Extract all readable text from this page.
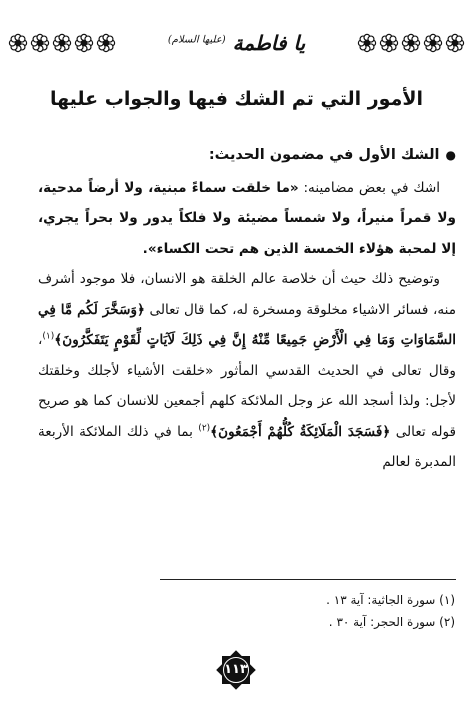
يا فاطمة $^{(عليها السلام)}$
الأمور التي تم الشك فيها والجواب عليها

●الشك الأول في مضمون الحديث:

اشك في بعض مضامينه: «ما خلقت سماءً مبنية، ولا أرضاً مدحية، ولا قمراً منيراً، ولا شمساً مضيئة ولا فلكاً يدور ولا بحراً يجري، إلا لمحبة هؤلاء الخمسة الذين هم تحت الكساء».

وتوضيح ذلك حيث أن خلاصة عالم الخلقة هو الانسان، فلا موجود أشرف منه، فسائر الاشياء مخلوقة ومسخرة له، كما قال تعالى ﴿وَسَخَّرَ لَكُم مَّا فِي السَّمَاوَاتِ وَمَا فِي الْأَرْضِ جَمِيعًا مِّنْهُ إِنَّ فِي ذَلِكَ لَآيَاتٍ لِّقَوْمٍ يَتَفَكَّرُونَ﴾$^{(١)}$، وقال تعالى في الحديث القدسي المأثور «خلقت الأشياء لأجلك وخلقتك لأجل: ولذا أسجد الله عز وجل الملائكة كلهم أجمعين للانسان كما هو صريح قوله تعالى ﴿فَسَجَدَ الْمَلَائِكَةُ كُلُّهُمْ أَجْمَعُونَ﴾$^{(٢)}$ بما في ذلك الملائكة الأربعة المدبرة لعالم

(١) سورة الجاثية: آية ١٣ .
(٢) سورة الحجر: آية ٣٠ .
١١٣
